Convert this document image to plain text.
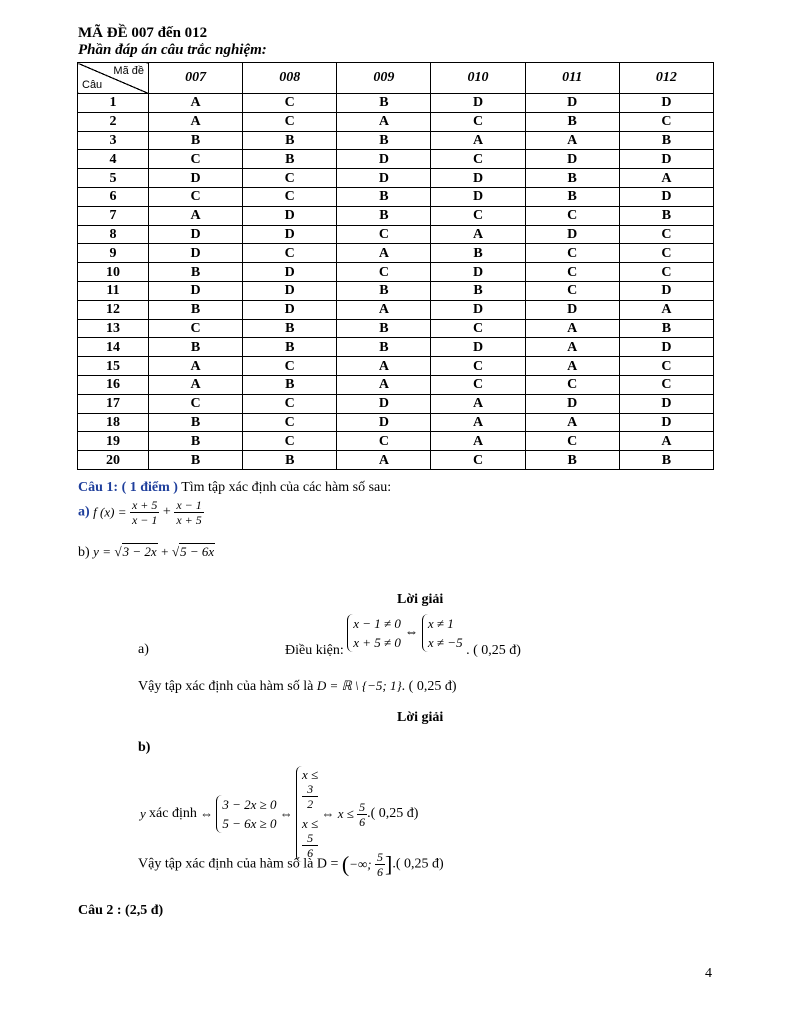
MÃ ĐỀ 007 đến 012
Phần đáp án câu trắc nghiệm:
Mã đề
Câu	007	008	009	010	011	012
1	A	C	B	D	D	D
2	A	C	A	C	B	C
3	B	B	B	A	A	B
4	C	B	D	C	D	D
5	D	C	D	D	B	A
6	C	C	B	D	B	D
7	A	D	B	C	C	B
8	D	D	C	A	D	C
9	D	C	A	B	C	C
10	B	D	C	D	C	C
11	D	D	B	B	C	D
12	B	D	A	D	D	A
13	C	B	B	C	A	B
14	B	B	B	D	A	D
15	A	C	A	C	A	C
16	A	B	A	C	C	C
17	C	C	D	A	D	D
18	B	C	D	A	A	D
19	B	C	C	A	C	A
20	B	B	A	C	B	B
Câu 1: ( 1 điểm ) Tìm tập xác định của các hàm số sau:
a) f $(x) = \frac{x + 5}{x - 1} + \frac{x - 1}{x + 5}$
b) y = √3 − 2x + √5 − 6x
Lời giải
a)	Điều kiện:
x − 1 ≠ 0
x + 5 ≠ 0
⇔
x ≠ 1
x ≠ −5
. ( 0,25 đ)
Vậy tập xác định của hàm số là D = ℝ \ {−5; 1}. ( 0,25 đ)
Lời giải
b)
y xác định ⇔
3 − 2x ≥ 0
5 − 6x ≥ 0
⇔
x ≤
3
2
x ≤
5
6
⇔ $x \le \frac{5}{6}$ .( 0,25 đ)
Vậy tập xác định của hàm số là D = (−∞; $\frac{5}{6}$ ].( 0,25 đ)
Câu 2 : (2,5 đ)
4
